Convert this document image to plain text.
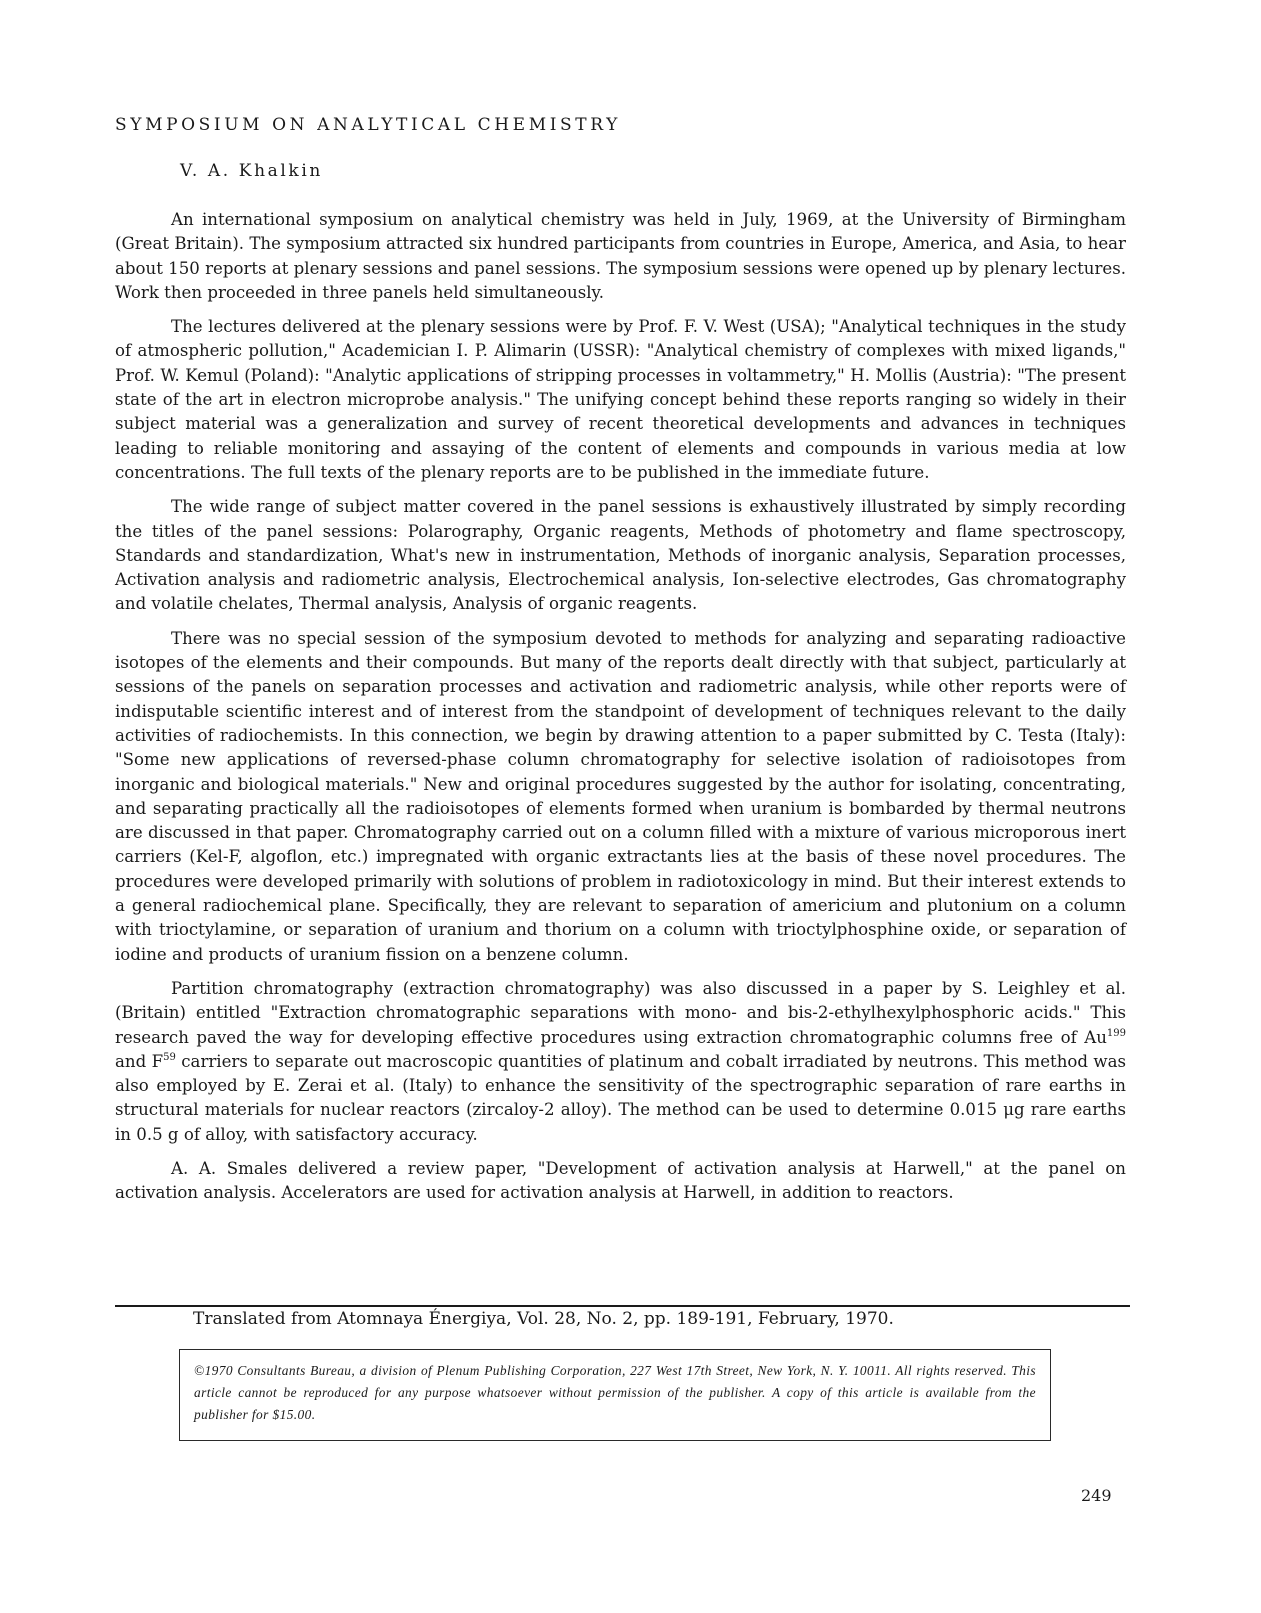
SYMPOSIUM ON ANALYTICAL CHEMISTRY
V. A. Khalkin

An international symposium on analytical chemistry was held in July, 1969, at the University of Birmingham (Great Britain). The symposium attracted six hundred participants from countries in Europe, America, and Asia, to hear about 150 reports at plenary sessions and panel sessions. The symposium sessions were opened up by plenary lectures. Work then proceeded in three panels held simultaneously.

The lectures delivered at the plenary sessions were by Prof. F. V. West (USA); "Analytical techniques in the study of atmospheric pollution," Academician I. P. Alimarin (USSR): "Analytical chemistry of complexes with mixed ligands," Prof. W. Kemul (Poland): "Analytic applications of stripping processes in voltammetry," H. Mollis (Austria): "The present state of the art in electron microprobe analysis." The unifying concept behind these reports ranging so widely in their subject material was a generalization and survey of recent theoretical developments and advances in techniques leading to reliable monitoring and assaying of the content of elements and compounds in various media at low concentrations. The full texts of the plenary reports are to be published in the immediate future.

The wide range of subject matter covered in the panel sessions is exhaustively illustrated by simply recording the titles of the panel sessions: Polarography, Organic reagents, Methods of photometry and flame spectroscopy, Standards and standardization, What's new in instrumentation, Methods of inorganic analysis, Separation processes, Activation analysis and radiometric analysis, Electrochemical analysis, Ion-selective electrodes, Gas chromatography and volatile chelates, Thermal analysis, Analysis of organic reagents.

There was no special session of the symposium devoted to methods for analyzing and separating radioactive isotopes of the elements and their compounds. But many of the reports dealt directly with that subject, particularly at sessions of the panels on separation processes and activation and radiometric analysis, while other reports were of indisputable scientific interest and of interest from the standpoint of development of techniques relevant to the daily activities of radiochemists. In this connection, we begin by drawing attention to a paper submitted by C. Testa (Italy): "Some new applications of reversed-phase column chromatography for selective isolation of radioisotopes from inorganic and biological materials." New and original procedures suggested by the author for isolating, concentrating, and separating practically all the radioisotopes of elements formed when uranium is bombarded by thermal neutrons are discussed in that paper. Chromatography carried out on a column filled with a mixture of various microporous inert carriers (Kel-F, algoflon, etc.) impregnated with organic extractants lies at the basis of these novel procedures. The procedures were developed primarily with solutions of problem in radiotoxicology in mind. But their interest extends to a general radiochemical plane. Specifically, they are relevant to separation of americium and plutonium on a column with trioctylamine, or separation of uranium and thorium on a column with trioctylphosphine oxide, or separation of iodine and products of uranium fission on a benzene column.

Partition chromatography (extraction chromatography) was also discussed in a paper by S. Leighley et al. (Britain) entitled "Extraction chromatographic separations with mono- and bis-2-ethylhexylphosphoric acids." This research paved the way for developing effective procedures using extraction chromatographic columns free of Au$^{199}$ and $F^{59}$ carriers to separate out macroscopic quantities of platinum and cobalt irradiated by neutrons. This method was also employed by E. Zerai et al. (Italy) to enhance the sensitivity of the spectrographic separation of rare earths in structural materials for nuclear reactors (zircaloy-2 alloy). The method can be used to determine 0.015 μg rare earths in 0.5 g of alloy, with satisfactory accuracy.

A. A. Smales delivered a review paper, "Development of activation analysis at Harwell," at the panel on activation analysis. Accelerators are used for activation analysis at Harwell, in addition to reactors.

Translated from Atomnaya Énergiya, Vol. 28, No. 2, pp. 189-191, February, 1970.

©1970 Consultants Bureau, a division of Plenum Publishing Corporation, 227 West 17th Street, New York, N. Y. 10011. All rights reserved. This article cannot be reproduced for any purpose whatsoever without permission of the publisher. A copy of this article is available from the publisher for $15.00.

249
